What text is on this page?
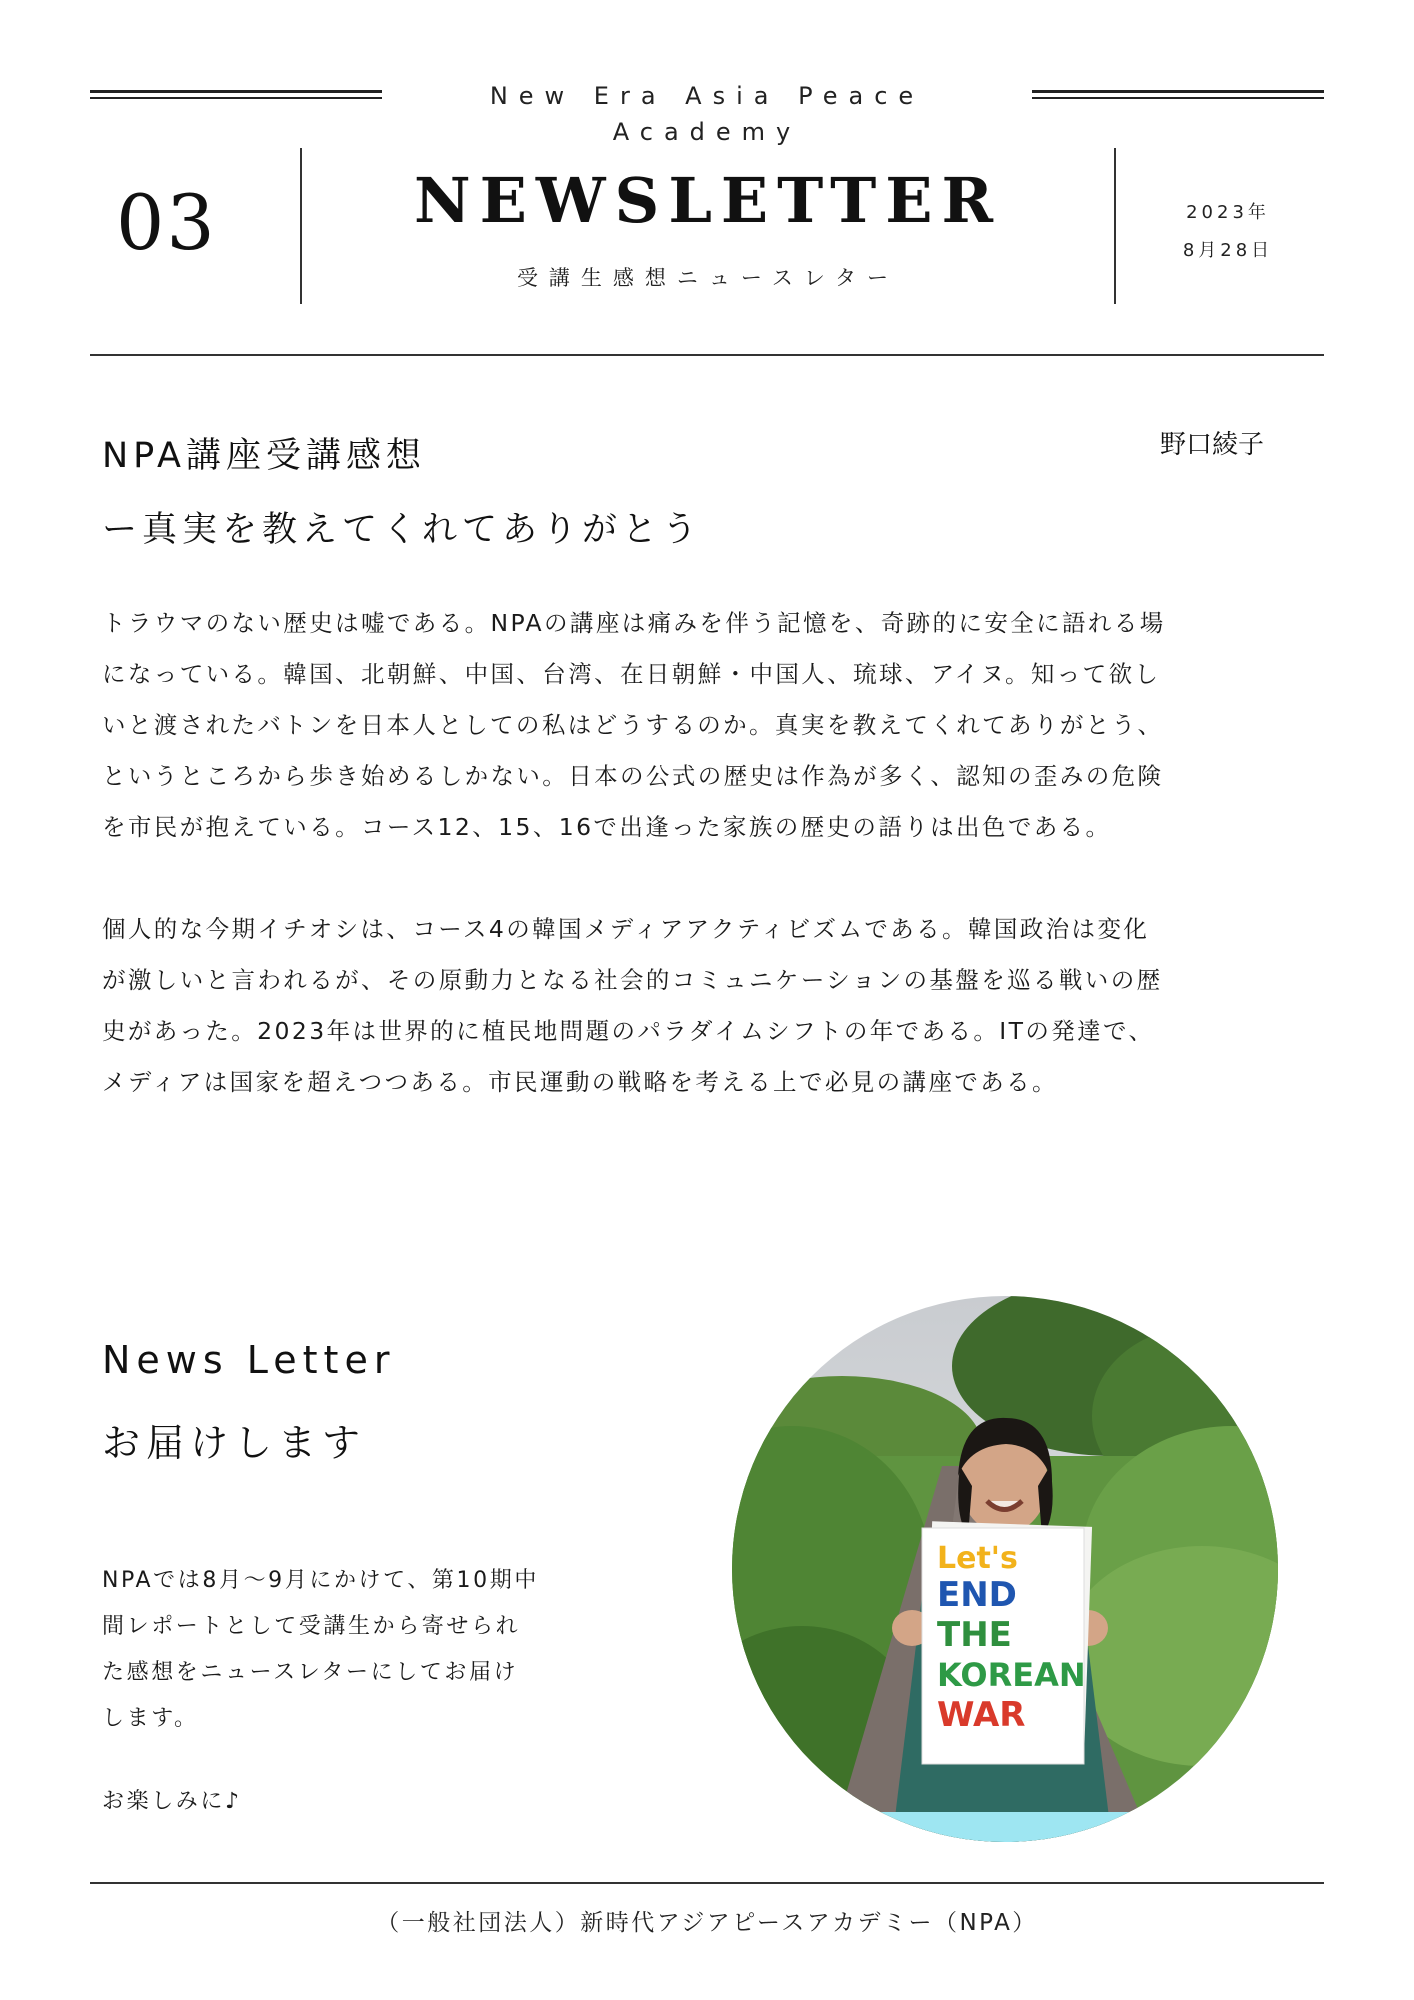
New Era Asia Peace Academy
03	NEWSLETTER
受講生感想ニュースレター
2023年
8月28日
NPA講座受講感想
ー真実を教えてくれてありがとう
野口綾子
トラウマのない歴史は嘘である。NPAの講座は痛みを伴う記憶を、奇跡的に安全に語れる場
になっている。韓国、北朝鮮、中国、台湾、在日朝鮮・中国人、琉球、アイヌ。知って欲し
いと渡されたバトンを日本人としての私はどうするのか。真実を教えてくれてありがとう、
というところから歩き始めるしかない。日本の公式の歴史は作為が多く、認知の歪みの危険
を市民が抱えている。コース12、15、16で出逢った家族の歴史の語りは出色である。
個人的な今期イチオシは、コース4の韓国メディアアクティビズムである。韓国政治は変化
が激しいと言われるが、その原動力となる社会的コミュニケーションの基盤を巡る戦いの歴
史があった。2023年は世界的に植民地問題のパラダイムシフトの年である。ITの発達で、
メディアは国家を超えつつある。市民運動の戦略を考える上で必見の講座である。
News Letter
お届けします
NPAでは8月〜9月にかけて、第10期中
間レポートとして受講生から寄せられ
た感想をニュースレターにしてお届け
します。
お楽しみに♪
Let's
END
THE
KOREAN
WAR
（一般社団法人）新時代アジアピースアカデミー（NPA）
